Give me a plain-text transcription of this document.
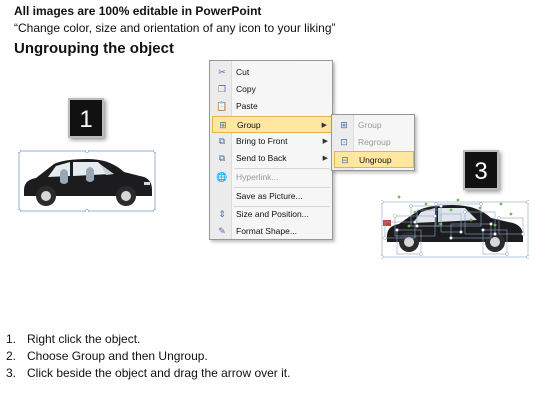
All images are 100% editable in PowerPoint
“Change color, size and orientation of any icon to your liking”
Ungrouping the object
1
3
✂ Cut
❐ Copy
📋 Paste
⊞ Group	▶
⧉	Bring to Front	▶
⧉	Send to Back	▶
🌐 Hyperlink...
Save as Picture...
⇕ Size and Position...
✎ Format Shape...
⊞ Group
⊡ Regroup
⊟ Ungroup
1. Right click the object.
2. Choose Group and then Ungroup.
3. Click beside the object and drag the arrow over it.
